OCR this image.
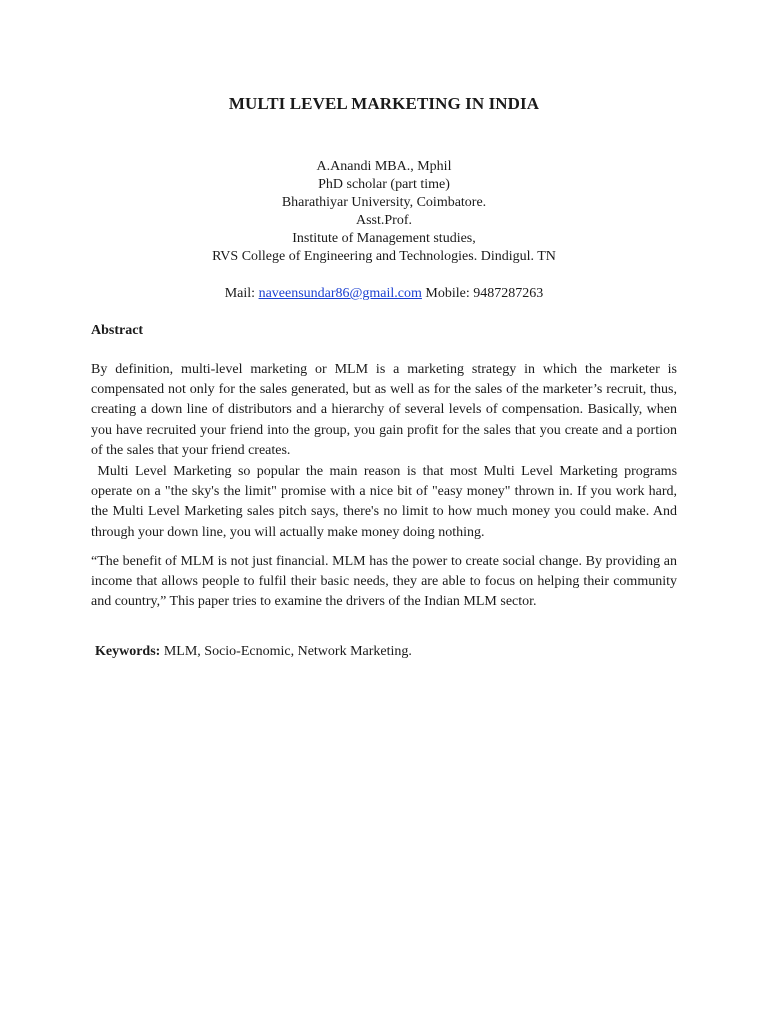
MULTI LEVEL MARKETING IN INDIA
A.Anandi MBA., Mphil
PhD scholar (part time)
Bharathiyar University, Coimbatore.
Asst.Prof.
Institute of Management studies,
RVS College of Engineering and Technologies. Dindigul. TN
Mail: naveensundar86@gmail.com Mobile: 9487287263
Abstract
By definition, multi-level marketing or MLM is a marketing strategy in which the marketer is compensated not only for the sales generated, but as well as for the sales of the marketer’s recruit, thus, creating a down line of distributors and a hierarchy of several levels of compensation. Basically, when you have recruited your friend into the group, you gain profit for the sales that you create and a portion of the sales that your friend creates.
Multi Level Marketing so popular the main reason is that most Multi Level Marketing programs operate on a "the sky's the limit" promise with a nice bit of "easy money" thrown in. If you work hard, the Multi Level Marketing sales pitch says, there's no limit to how much money you could make. And through your down line, you will actually make money doing nothing.
“The benefit of MLM is not just financial. MLM has the power to create social change. By providing an income that allows people to fulfil their basic needs, they are able to focus on helping their community and country,” This paper tries to examine the drivers of the Indian MLM sector.
Keywords: MLM, Socio-Ecnomic, Network Marketing.
